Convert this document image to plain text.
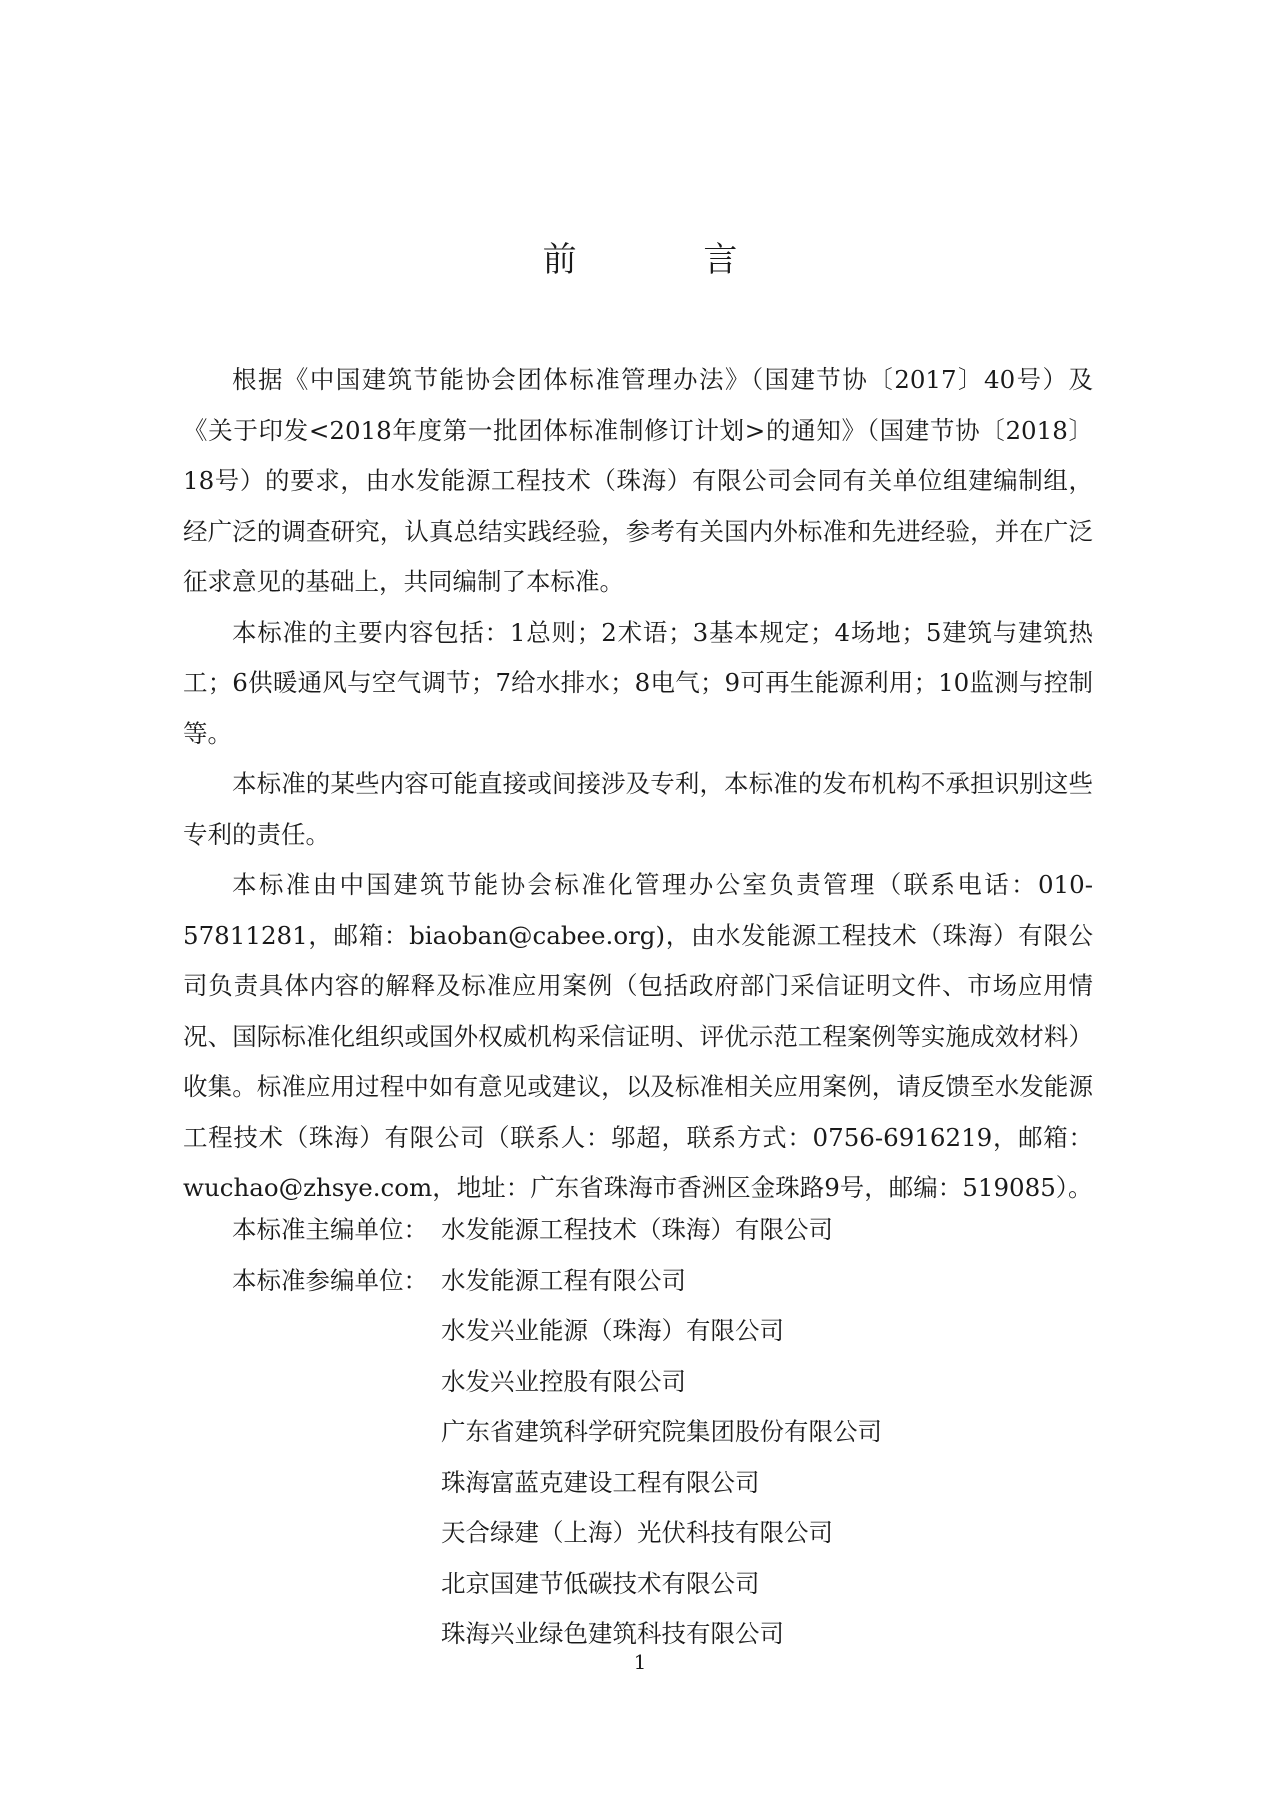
前 言

根据《中国建筑节能协会团体标准管理办法》（国建节协〔2017〕40号）及《关于印发<2018年度第一批团体标准制修订计划>的通知》（国建节协〔2018〕18号）的要求，由水发能源工程技术（珠海）有限公司会同有关单位组建编制组，经广泛的调查研究，认真总结实践经验，参考有关国内外标准和先进经验，并在广泛征求意见的基础上，共同编制了本标准。

本标准的主要内容包括：1总则；2术语；3基本规定；4场地；5建筑与建筑热工；6供暖通风与空气调节；7给水排水；8电气；9可再生能源利用；10监测与控制等。

本标准的某些内容可能直接或间接涉及专利，本标准的发布机构不承担识别这些专利的责任。

本标准由中国建筑节能协会标准化管理办公室负责管理（联系电话：010-57811281，邮箱：biaoban@cabee.org)，由水发能源工程技术（珠海）有限公司负责具体内容的解释及标准应用案例（包括政府部门采信证明文件、市场应用情况、国际标准化组织或国外权威机构采信证明、评优示范工程案例等实施成效材料）收集。标准应用过程中如有意见或建议，以及标准相关应用案例，请反馈至水发能源工程技术（珠海）有限公司（联系人：邬超，联系方式：0756-6916219，邮箱：wuchao@zhsye.com，地址：广东省珠海市香洲区金珠路9号，邮编：519085）。

本标准主编单位： 水发能源工程技术（珠海）有限公司
本标准参编单位： 水发能源工程有限公司
水发兴业能源（珠海）有限公司
水发兴业控股有限公司
广东省建筑科学研究院集团股份有限公司
珠海富蓝克建设工程有限公司
天合绿建（上海）光伏科技有限公司
北京国建节低碳技术有限公司
珠海兴业绿色建筑科技有限公司
1
